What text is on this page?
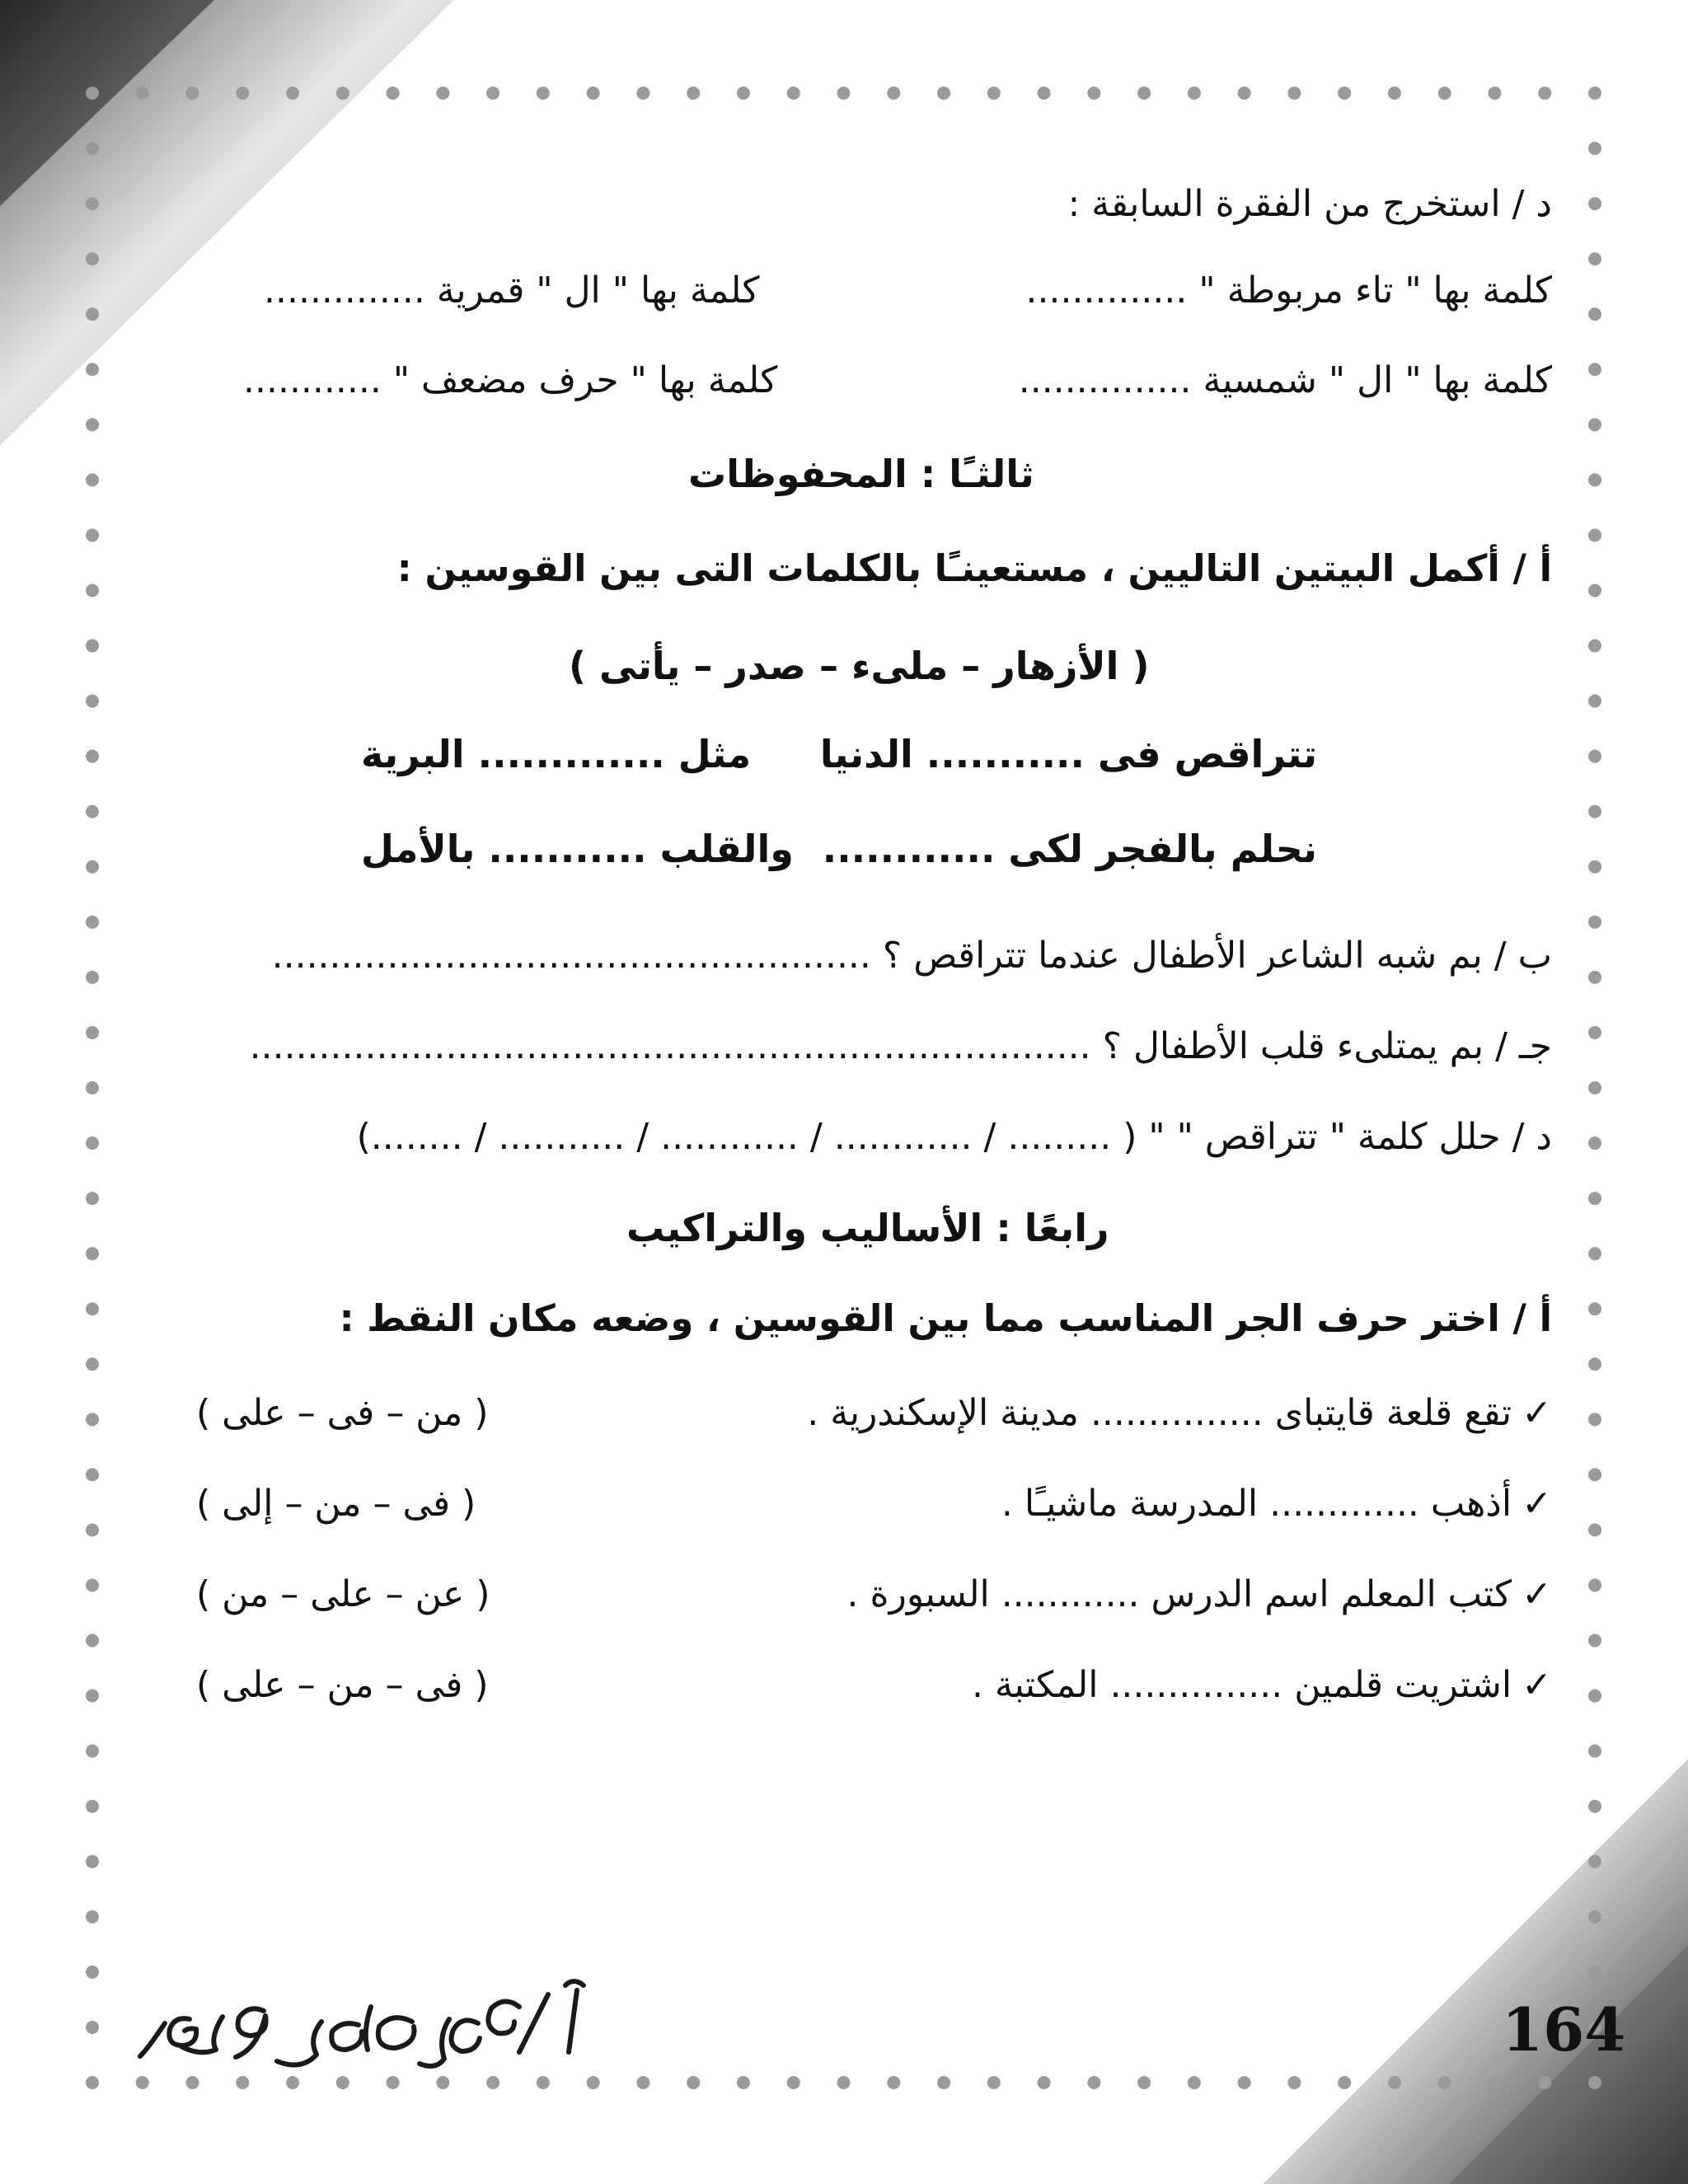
د / استخرج من الفقرة السابقة :
كلمة بها " تاء مربوطة " ..............
كلمة بها " ال " قمرية ..............
كلمة بها " ال " شمسية ...............
كلمة بها " حرف مضعف " ............
ثالثـًا : المحفوظات
أ / أكمل البيتين التاليين ، مستعينـًا بالكلمات التى بين القوسين :
( الأزهار – ملىء – صدر – يأتى )
تتراقص فى ........... الدنيا
مثل ............. البرية
نحلم بالفجر لكى ............
والقلب ........... بالأمل
ب / بم شبه الشاعر الأطفال عندما تتراقص ؟ ....................................................
جـ / بم يمتلىء قلب الأطفال ؟ .........................................................................
د / حلل كلمة " تتراقص " " ( ......... / ............ / ............ / ........... / ........)
رابعًا : الأساليب والتراكيب
أ / اختر حرف الجر المناسب مما بين القوسين ، وضعه مكان النقط :
✓تقع قلعة قايتباى ............... مدينة الإسكندرية .
( من – فى – على )
✓أذهب ............. المدرسة ماشيـًا .
( فى – من – إلى )
✓كتب المعلم اسم الدرس ............ السبورة .
( عن – على – من )
✓اشتريت قلمين ............... المكتبة .
( فى – من – على )
164
